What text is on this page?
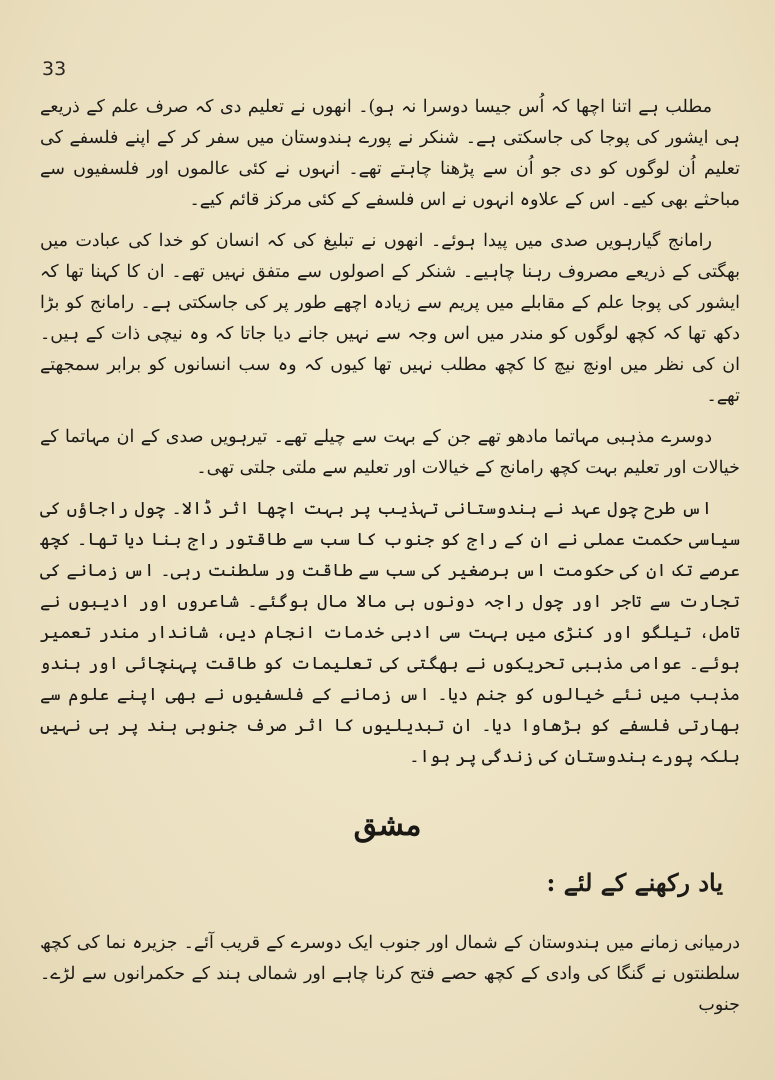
33

مطلب ہے اتنا اچھا کہ اُس جیسا دوسرا نہ ہو)۔ انھوں نے تعلیم دی کہ صرف علم کے ذریعے ہی ایشور کی پوجا کی جاسکتی ہے۔ شنکر نے پورے ہندوستان میں سفر کر کے اپنے فلسفے کی تعلیم اُن لوگوں کو دی جو اُن سے پڑھنا چاہتے تھے۔ انہوں نے کئی عالموں اور فلسفیوں سے مباحثے بھی کیے۔ اس کے علاوہ انہوں نے اس فلسفے کے کئی مرکز قائم کیے۔

رامانج گیارہویں صدی میں پیدا ہوئے۔ انھوں نے تبلیغ کی کہ انسان کو خدا کی عبادت میں بھگتی کے ذریعے مصروف رہنا چاہیے۔ شنکر کے اصولوں سے متفق نہیں تھے۔ ان کا کہنا تھا کہ ایشور کی پوجا علم کے مقابلے میں پریم سے زیادہ اچھے طور پر کی جاسکتی ہے۔ رامانج کو بڑا دکھ تھا کہ کچھ لوگوں کو مندر میں اس وجہ سے نہیں جانے دیا جاتا کہ وہ نیچی ذات کے ہیں۔ ان کی نظر میں اونچ نیچ کا کچھ مطلب نہیں تھا کیوں کہ وہ سب انسانوں کو برابر سمجھتے تھے۔

دوسرے مذہبی مہاتما مادھو تھے جن کے بہت سے چیلے تھے۔ تیرہویں صدی کے ان مہاتما کے خیالات اور تعلیم بہت کچھ رامانج کے خیالات اور تعلیم سے ملتی جلتی تھی۔

اس طرح چول عہد نے ہندوستانی تہذیب پر بہت اچھا اثر ڈالا۔ چول راجاؤں کی سیاسی حکمت عملی نے ان کے راج کو جنوب کا سب سے طاقتور راج بنا دیا تھا۔ کچھ عرصے تک ان کی حکومت اس برصغیر کی سب سے طاقت ور سلطنت رہی۔ اس زمانے کی تجارت سے تاجر اور چول راجہ دونوں ہی مالا مال ہوگئے۔ شاعروں اور ادیبوں نے تامل، تیلگو اور کنڑی میں بہت سی ادبی خدمات انجام دیں، شاندار مندر تعمیر ہوئے۔ عوامی مذہبی تحریکوں نے بھگتی کی تعلیمات کو طاقت پہنچائی اور ہندو مذہب میں نئے خیالوں کو جنم دیا۔ اس زمانے کے فلسفیوں نے بھی اپنے علوم سے بھارتی فلسفے کو بڑھاوا دیا۔ ان تبدیلیوں کا اثر صرف جنوبی ہند پر ہی نہیں بلکہ پورے ہندوستان کی زندگی پر ہوا۔

مشق
یاد رکھنے کے لئے :
درمیانی زمانے میں ہندوستان کے شمال اور جنوب ایک دوسرے کے قریب آئے۔ جزیرہ نما کی کچھ سلطنتوں نے گنگا کی وادی کے کچھ حصے فتح کرنا چاہے اور شمالی ہند کے حکمرانوں سے لڑے۔ جنوب
